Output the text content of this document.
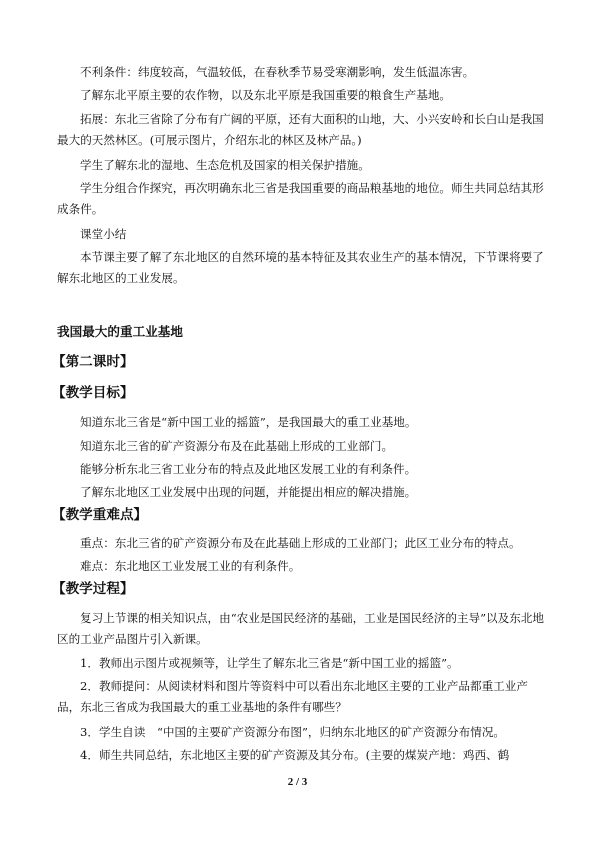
不利条件：纬度较高，气温较低，在春秋季节易受寒潮影响，发生低温冻害。

了解东北平原主要的农作物，以及东北平原是我国重要的粮食生产基地。

拓展：东北三省除了分布有广阔的平原，还有大面积的山地，大、小兴安岭和长白山是我国最大的天然林区。(可展示图片，介绍东北的林区及林产品。)

学生了解东北的湿地、生态危机及国家的相关保护措施。

学生分组合作探究，再次明确东北三省是我国重要的商品粮基地的地位。师生共同总结其形成条件。

课堂小结

本节课主要了解了东北地区的自然环境的基本特征及其农业生产的基本情况，下节课将要了解东北地区的工业发展。

我国最大的重工业基地
【第二课时】
【教学目标】

知道东北三省是“新中国工业的摇篮”，是我国最大的重工业基地。

知道东北三省的矿产资源分布及在此基础上形成的工业部门。

能够分析东北三省工业分布的特点及此地区发展工业的有利条件。

了解东北地区工业发展中出现的问题，并能提出相应的解决措施。

【教学重难点】

重点：东北三省的矿产资源分布及在此基础上形成的工业部门；此区工业分布的特点。

难点：东北地区工业发展工业的有利条件。

【教学过程】

复习上节课的相关知识点，由“农业是国民经济的基础，工业是国民经济的主导”以及东北地区的工业产品图片引入新课。

1．教师出示图片或视频等，让学生了解东北三省是“新中国工业的摇篮”。

2．教师提问：从阅读材料和图片等资料中可以看出东北地区主要的工业产品都重工业产品，东北三省成为我国最大的重工业基地的条件有哪些？

3．学生自读　“中国的主要矿产资源分布图”，归纳东北地区的矿产资源分布情况。

4．师生共同总结，东北地区主要的矿产资源及其分布。(主要的煤炭产地：鸡西、鹤

2 / 3
